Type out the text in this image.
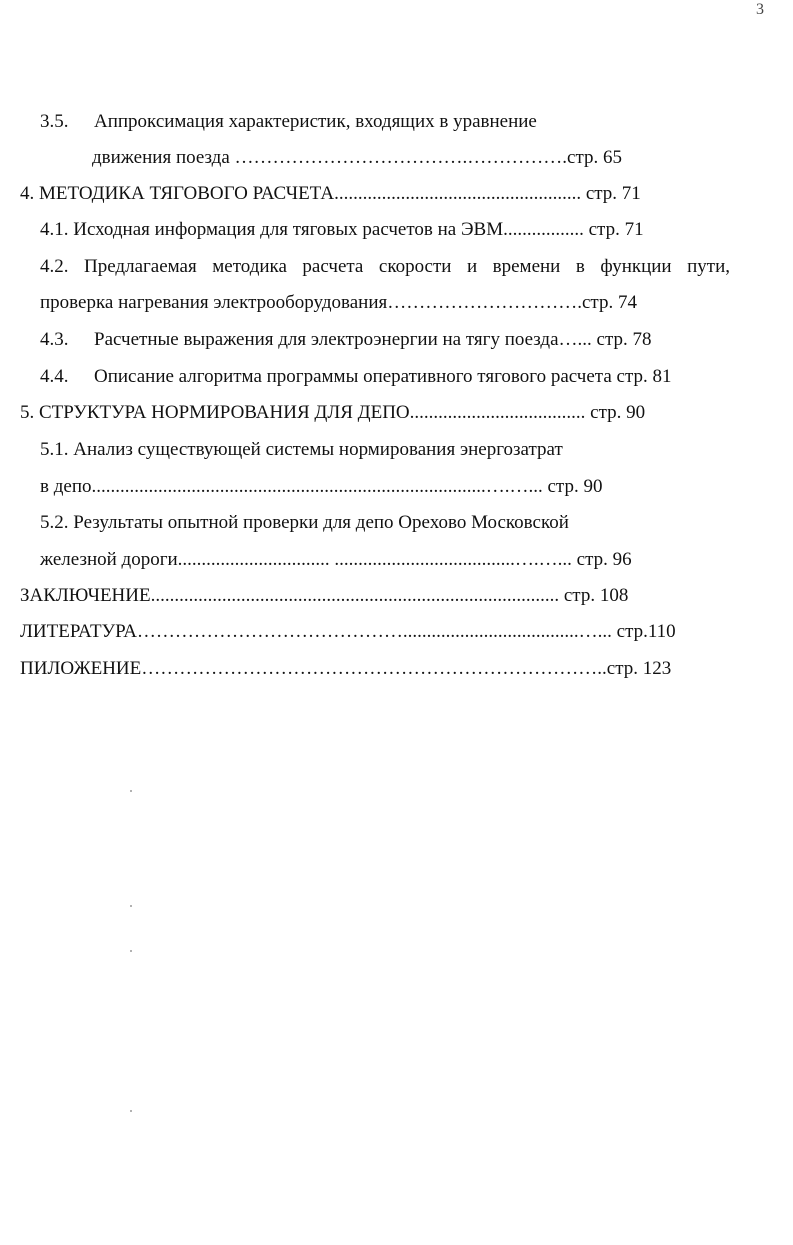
3
3.5. Аппроксимация характеристик, входящих в уравнение
движения поезда ……………………………….…………….стр. 65
4. МЕТОДИКА ТЯГОВОГО РАСЧЕТА.................................................... стр. 71
4.1. Исходная информация для тяговых расчетов на ЭВМ................. стр. 71
4.2. Предлагаемая методика расчета скорости и времени в функции пути,
проверка нагревания электрооборудования………………………….стр. 74
4.3. Расчетные выражения для электроэнергии на тягу поезда…... стр. 78
4.4. Описание алгоритма программы оперативного тягового расчета стр. 81
5. СТРУКТУРА НОРМИРОВАНИЯ ДЛЯ ДЕПО..................................... стр. 90
5.1. Анализ существующей системы нормирования энергозатрат
в депо...................................................................................….…... стр. 90
5.2. Результаты опытной проверки для депо Орехово Московской
железной дороги................................ ......................................….…... стр. 96
ЗАКЛЮЧЕНИЕ...................................................................................... стр. 108
ЛИТЕРАТУРА…………………………………….....................................…... стр.110
ПИЛОЖЕНИЕ………………………………………………………………..стр. 123
